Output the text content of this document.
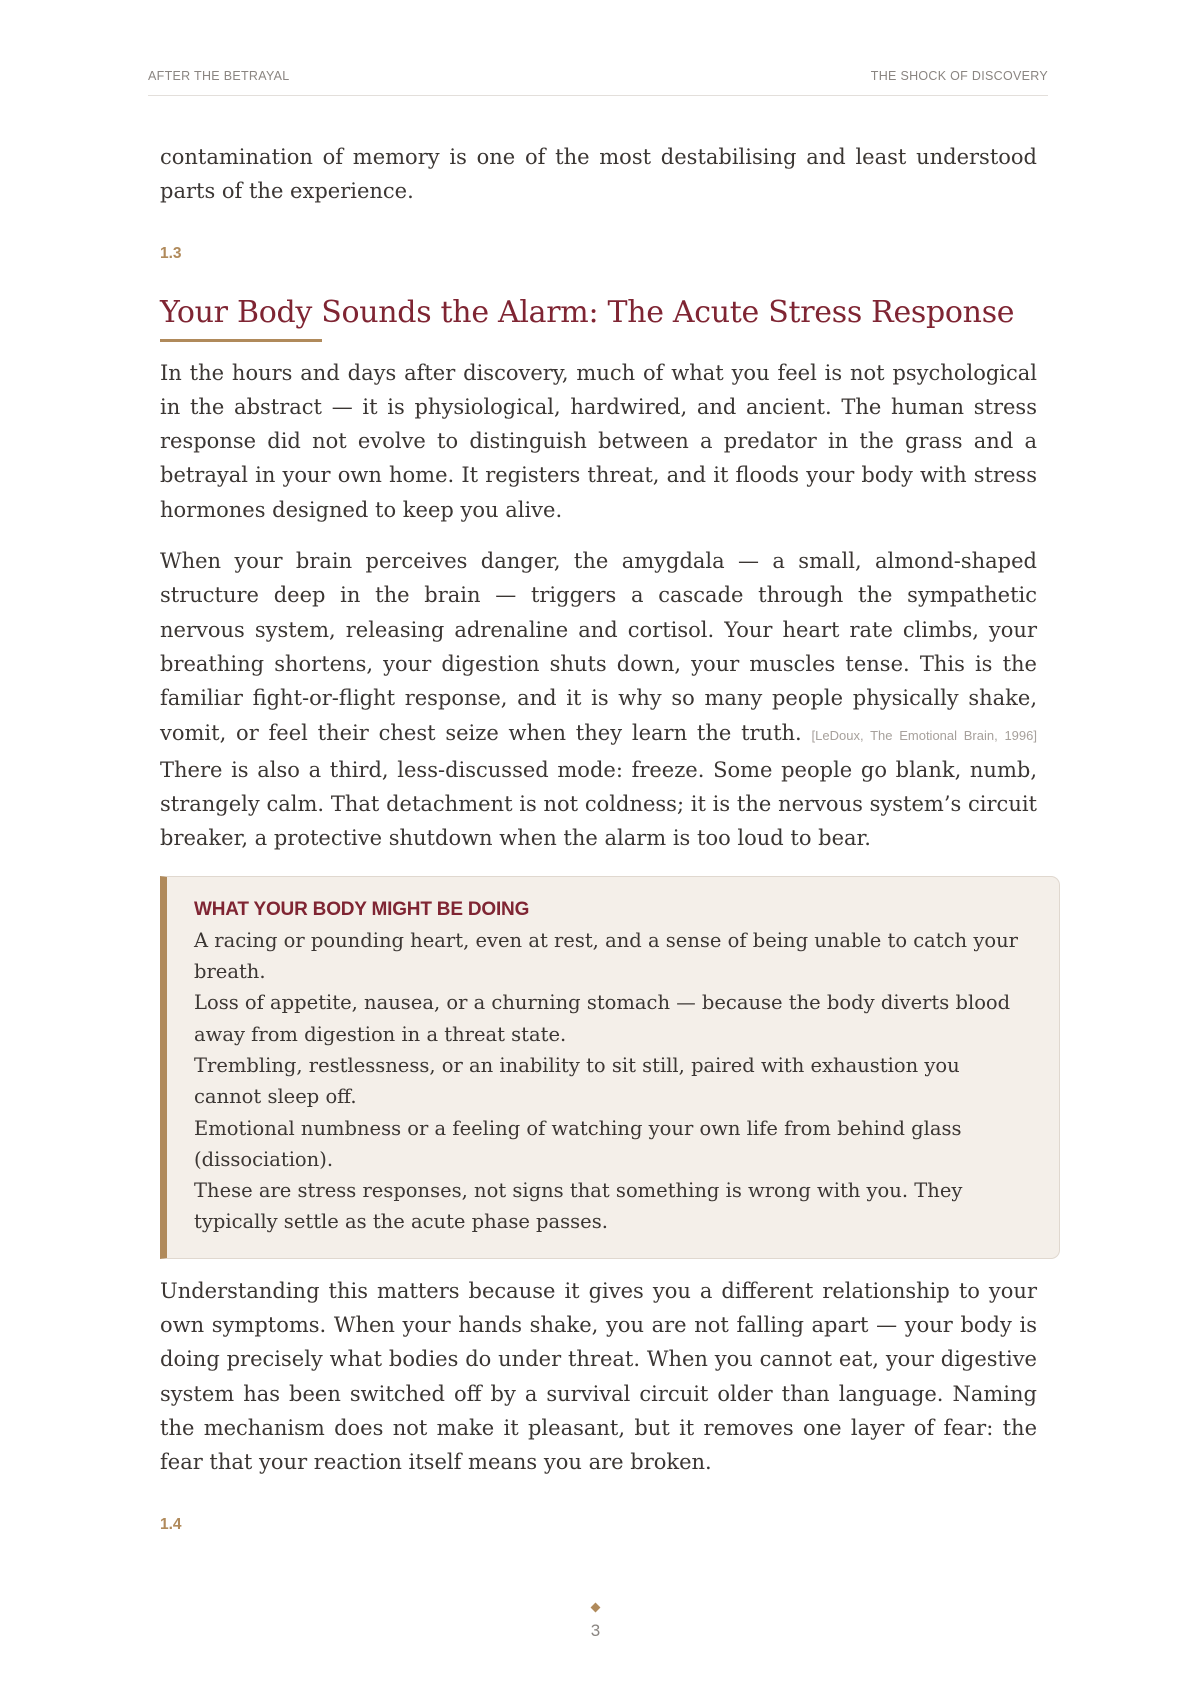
AFTER THE BETRAYAL	THE SHOCK OF DISCOVERY

contamination of memory is one of the most destabilising and least understood parts of the experience.

1.3
Your Body Sounds the Alarm: The Acute Stress Response

In the hours and days after discovery, much of what you feel is not psychological in the abstract — it is physiological, hardwired, and ancient. The human stress response did not evolve to distinguish between a predator in the grass and a betrayal in your own home. It registers threat, and it floods your body with stress hormones designed to keep you alive.

When your brain perceives danger, the amygdala — a small, almond-shaped structure deep in the brain — triggers a cascade through the sympathetic nervous system, releasing adrenaline and cortisol. Your heart rate climbs, your breathing shortens, your digestion shuts down, your muscles tense. This is the familiar fight-or-flight response, and it is why so many people physically shake, vomit, or feel their chest seize when they learn the truth. [LeDoux, The Emotional Brain, 1996] There is also a third, less-discussed mode: freeze. Some people go blank, numb, strangely calm. That detachment is not coldness; it is the nervous system’s circuit breaker, a protective shutdown when the alarm is too loud to bear.

WHAT YOUR BODY MIGHT BE DOING
A racing or pounding heart, even at rest, and a sense of being unable to catch your breath.
Loss of appetite, nausea, or a churning stomach — because the body diverts blood away from digestion in a threat state.
Trembling, restlessness, or an inability to sit still, paired with exhaustion you cannot sleep off.
Emotional numbness or a feeling of watching your own life from behind glass (dissociation).
These are stress responses, not signs that something is wrong with you. They typically settle as the acute phase passes.

Understanding this matters because it gives you a different relationship to your own symptoms. When your hands shake, you are not falling apart — your body is doing precisely what bodies do under threat. When you cannot eat, your digestive system has been switched off by a survival circuit older than language. Naming the mechanism does not make it pleasant, but it removes one layer of fear: the fear that your reaction itself means you are broken.

1.4
3
